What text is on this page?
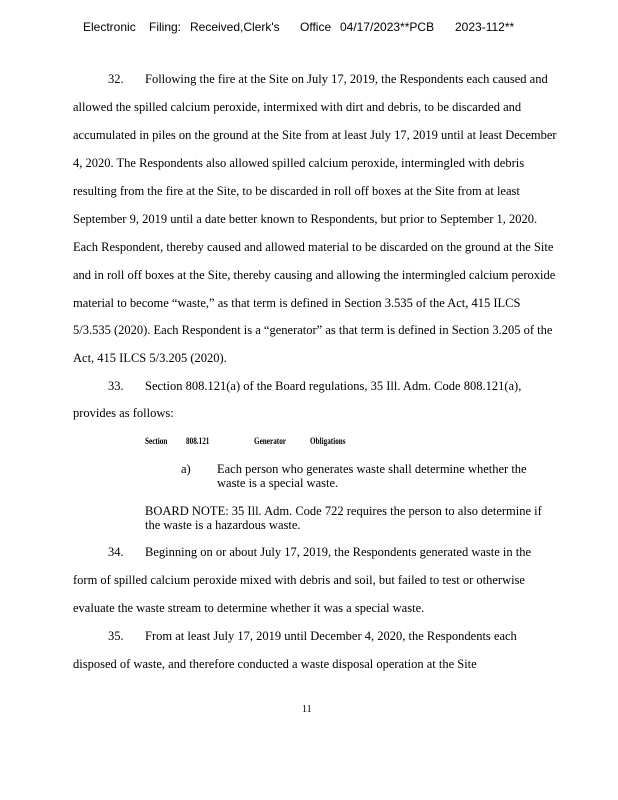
Electronic Filing: Received,Clerk's Office 04/17/2023**PCB 2023-112**
32. Following the fire at the Site on July 17, 2019, the Respondents each caused and
allowed the spilled calcium peroxide, intermixed with dirt and debris, to be discarded and
accumulated in piles on the ground at the Site from at least July 17, 2019 until at least December
4, 2020. The Respondents also allowed spilled calcium peroxide, intermingled with debris
resulting from the fire at the Site, to be discarded in roll off boxes at the Site from at least
September 9, 2019 until a date better known to Respondents, but prior to September 1, 2020.
Each Respondent, thereby caused and allowed material to be discarded on the ground at the Site
and in roll off boxes at the Site, thereby causing and allowing the intermingled calcium peroxide
material to become “waste,” as that term is defined in Section 3.535 of the Act, 415 ILCS
5/3.535 (2020). Each Respondent is a “generator” as that term is defined in Section 3.205 of the
Act, 415 ILCS 5/3.205 (2020).
33. Section 808.121(a) of the Board regulations, 35 Ill. Adm. Code 808.121(a),
provides as follows:
Section 808.121	Generator	Obligations
a) Each person who generates waste shall determine whether the
waste is a special waste.
BOARD NOTE: 35 Ill. Adm. Code 722 requires the person to also determine if
the waste is a hazardous waste.
34. Beginning on or about July 17, 2019, the Respondents generated waste in the
form of spilled calcium peroxide mixed with debris and soil, but failed to test or otherwise
evaluate the waste stream to determine whether it was a special waste.
35. From at least July 17, 2019 until December 4, 2020, the Respondents each
disposed of waste, and therefore conducted a waste disposal operation at the Site
11
